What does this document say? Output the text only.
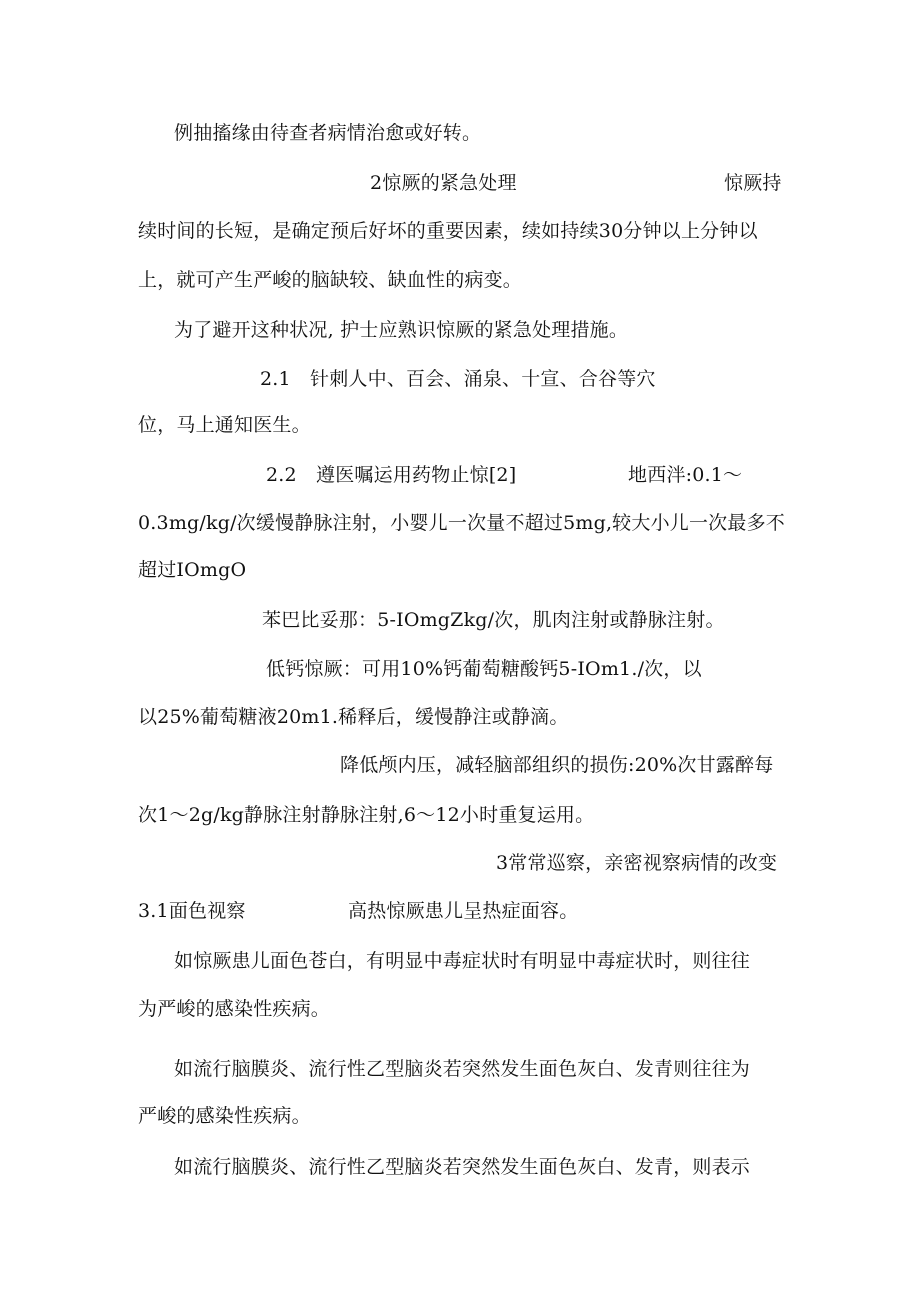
例抽搐缘由待查者病情治愈或好转。
2惊厥的紧急处理	惊厥持
续时间的长短，是确定预后好坏的重要因素，续如持续30分钟以上分钟以
上，就可产生严峻的脑缺较、缺血性的病变。
为了避开这种状况, 护士应熟识惊厥的紧急处理措施。
2.1　针刺人中、百会、涌泉、十宣、合谷等穴
位，马上通知医生。
2.2　遵医嘱运用药物止惊[2]	地西泮:0.1～
0.3mg/kg/次缓慢静脉注射，小婴儿一次量不超过5mg,较大小儿一次最多不
超过IOmgO
苯巴比妥那：5-IOmgZkg/次，肌肉注射或静脉注射。
低钙惊厥：可用10%钙葡萄糖酸钙5-IOm1./次，以
以25%葡萄糖液20m1.稀释后，缓慢静注或静滴。
降低颅内压，减轻脑部组织的损伤:20%次甘露醉每
次1～2g/kg静脉注射静脉注射,6～12小时重复运用。
3常常巡察，亲密视察病情的改变
3.1面色视察	高热惊厥患儿呈热症面容。
如惊厥患儿面色苍白，有明显中毒症状时有明显中毒症状时，则往往
为严峻的感染性疾病。
如流行脑膜炎、流行性乙型脑炎若突然发生面色灰白、发青则往往为
严峻的感染性疾病。
如流行脑膜炎、流行性乙型脑炎若突然发生面色灰白、发青，则表示
